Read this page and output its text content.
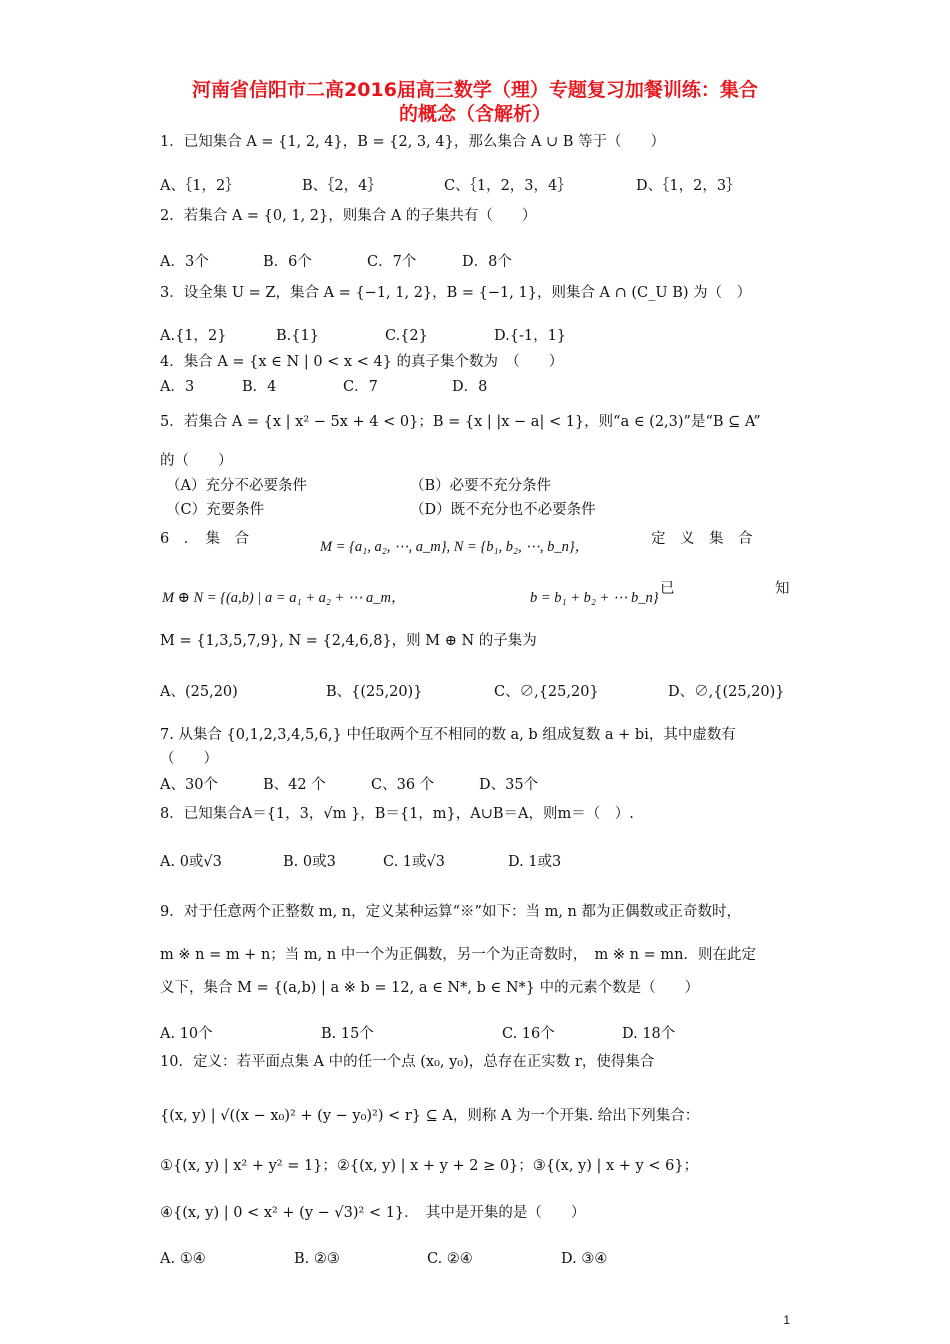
河南省信阳市二高2016届高三数学（理）专题复习加餐训练：集合
的概念（含解析）
1．已知集合 A = {1, 2, 4}，B = {2, 3, 4}，那么集合 A ∪ B 等于（　　）
A、｛1，2｝	B、｛2，4｝	C、｛1，2，3，4｝	D、｛1，2，3｝
2．若集合 A = {0, 1, 2}，则集合 A 的子集共有（　　）
A．3个	B．6个	C．7个	D．8个
3．设全集 U = Z，集合 A = {−1, 1, 2}，B = {−1, 1}，则集合 A ∩ (C_U B) 为（　）
A.{1，2}	B.{1}	C.{2}	D.{-1，1}
4．集合 A = {x ∈ N | 0 < x < 4} 的真子集个数为　（　　）
A．3	B．4	C．7	D．8
5．若集合 A = {x | x² − 5x + 4 < 0}；B = {x | |x − a| < 1}，则“a ∈ (2,3)”是“B ⊆ A”
的（　　）
（A）充分不必要条件	（B）必要不充分条件
（C）充要条件	（D）既不充分也不必要条件
6　．　集　合	M = {a₁, a₂, ⋯, a_m}, N = {b₁, b₂, ⋯, b_n}，	定　义　集　合
M ⊕ N = {(a,b) | a = a₁ + a₂ + ⋯ a_m，	b = b₁ + b₂ + ⋯ b_n}
已	知
M = {1,3,5,7,9}, N = {2,4,6,8}，则 M ⊕ N 的子集为
A、(25,20)	B、{(25,20)}	C、∅,{25,20}	D、∅,{(25,20)}
7. 从集合 {0,1,2,3,4,5,6,} 中任取两个互不相同的数 a, b 组成复数 a + bi，其中虚数有
（　　）
A、30个	B、42 个	C、36 个	D、35个
8．已知集合A＝{1，3，√m }，B＝{1，m}，A∪B＝A，则m＝（　）.
A. 0或√3	B. 0或3	C. 1或√3	D. 1或3
9．对于任意两个正整数 m, n，定义某种运算“※”如下：当 m, n 都为正偶数或正奇数时，
m ※ n = m + n；当 m, n 中一个为正偶数，另一个为正奇数时，　m ※ n = mn．则在此定
义下，集合 M = {(a,b) | a ※ b = 12, a ∈ N*, b ∈ N*} 中的元素个数是（　　）
A. 10个	B. 15个	C. 16个	D. 18个
10．定义：若平面点集 A 中的任一个点 (x₀, y₀)，总存在正实数 r，使得集合
{(x, y) | √((x − x₀)² + (y − y₀)²) < r} ⊆ A，则称 A 为一个开集. 给出下列集合：
①{(x, y) | x² + y² = 1}；②{(x, y) | x + y + 2 ≥ 0}；③{(x, y) | x + y < 6}；
④{(x, y) | 0 < x² + (y − √3)² < 1}．　其中是开集的是（　　）
A. ①④	B. ②③	C. ②④	D. ③④
1
